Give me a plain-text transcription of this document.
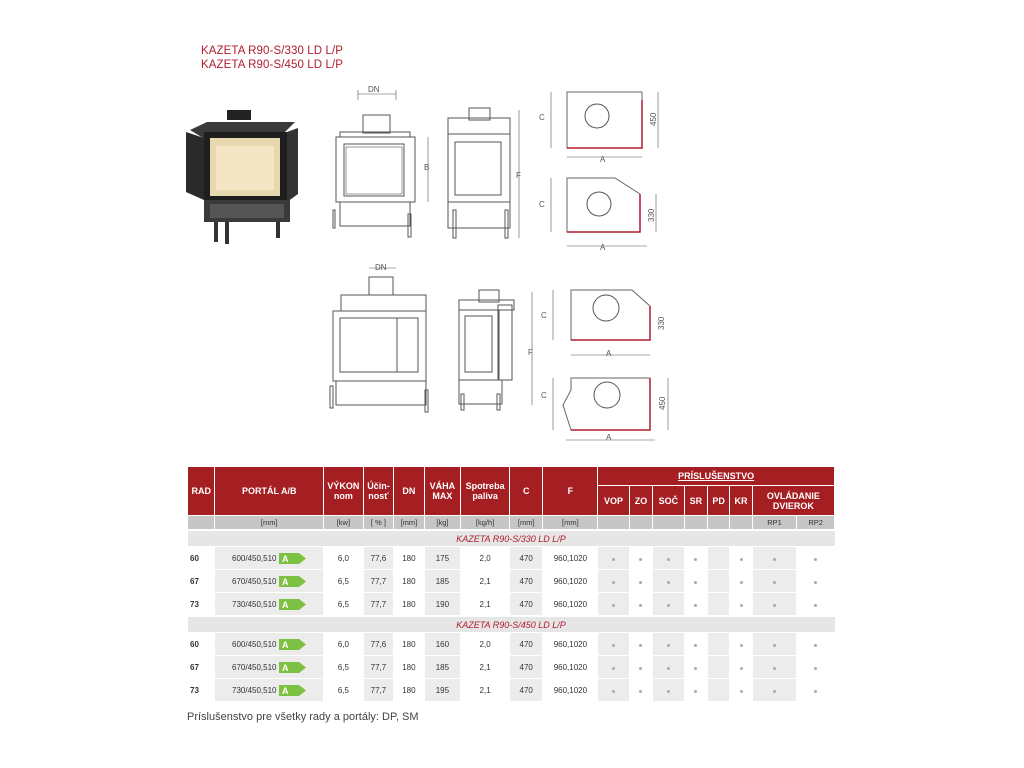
KAZETA R90-S/330 LD L/P
KAZETA R90-S/450 LD L/P
DN
B
F
C
A
450
C
A
330
DN
F
C
A
330
C
A
450
RAD	PORTÁL A/B	VÝKON nom	Účin- nosť	DN	VÁHA MAX	Spotreba paliva	C	F	PRÍSLUŠENSTVO							
									VOP	ZO	SOČ	SR	PD	KR	OVLÁDANIE DVIEROK	
	[mm]	[kw]	[ % ]	[mm]	[kg]	[kg/h]	[mm]	[mm]							RP1	RP2
KAZETA R90-S/330 LD L/P																
60	600/450,510 A	6,0	77,6	180	175	2,0	470	960,1020								
67	670/450,510 A	6,5	77,7	180	185	2,1	470	960,1020								
73	730/450,510 A	6,5	77,7	180	190	2,1	470	960,1020								
KAZETA R90-S/450 LD L/P																
60	600/450,510 A	6,0	77,6	180	160	2,0	470	960,1020								
67	670/450,510 A	6,5	77,7	180	185	2,1	470	960,1020								
73	730/450,510 A	6,5	77,7	180	195	2,1	470	960,1020								
Príslušenstvo pre všetky rady a portály: DP, SM
